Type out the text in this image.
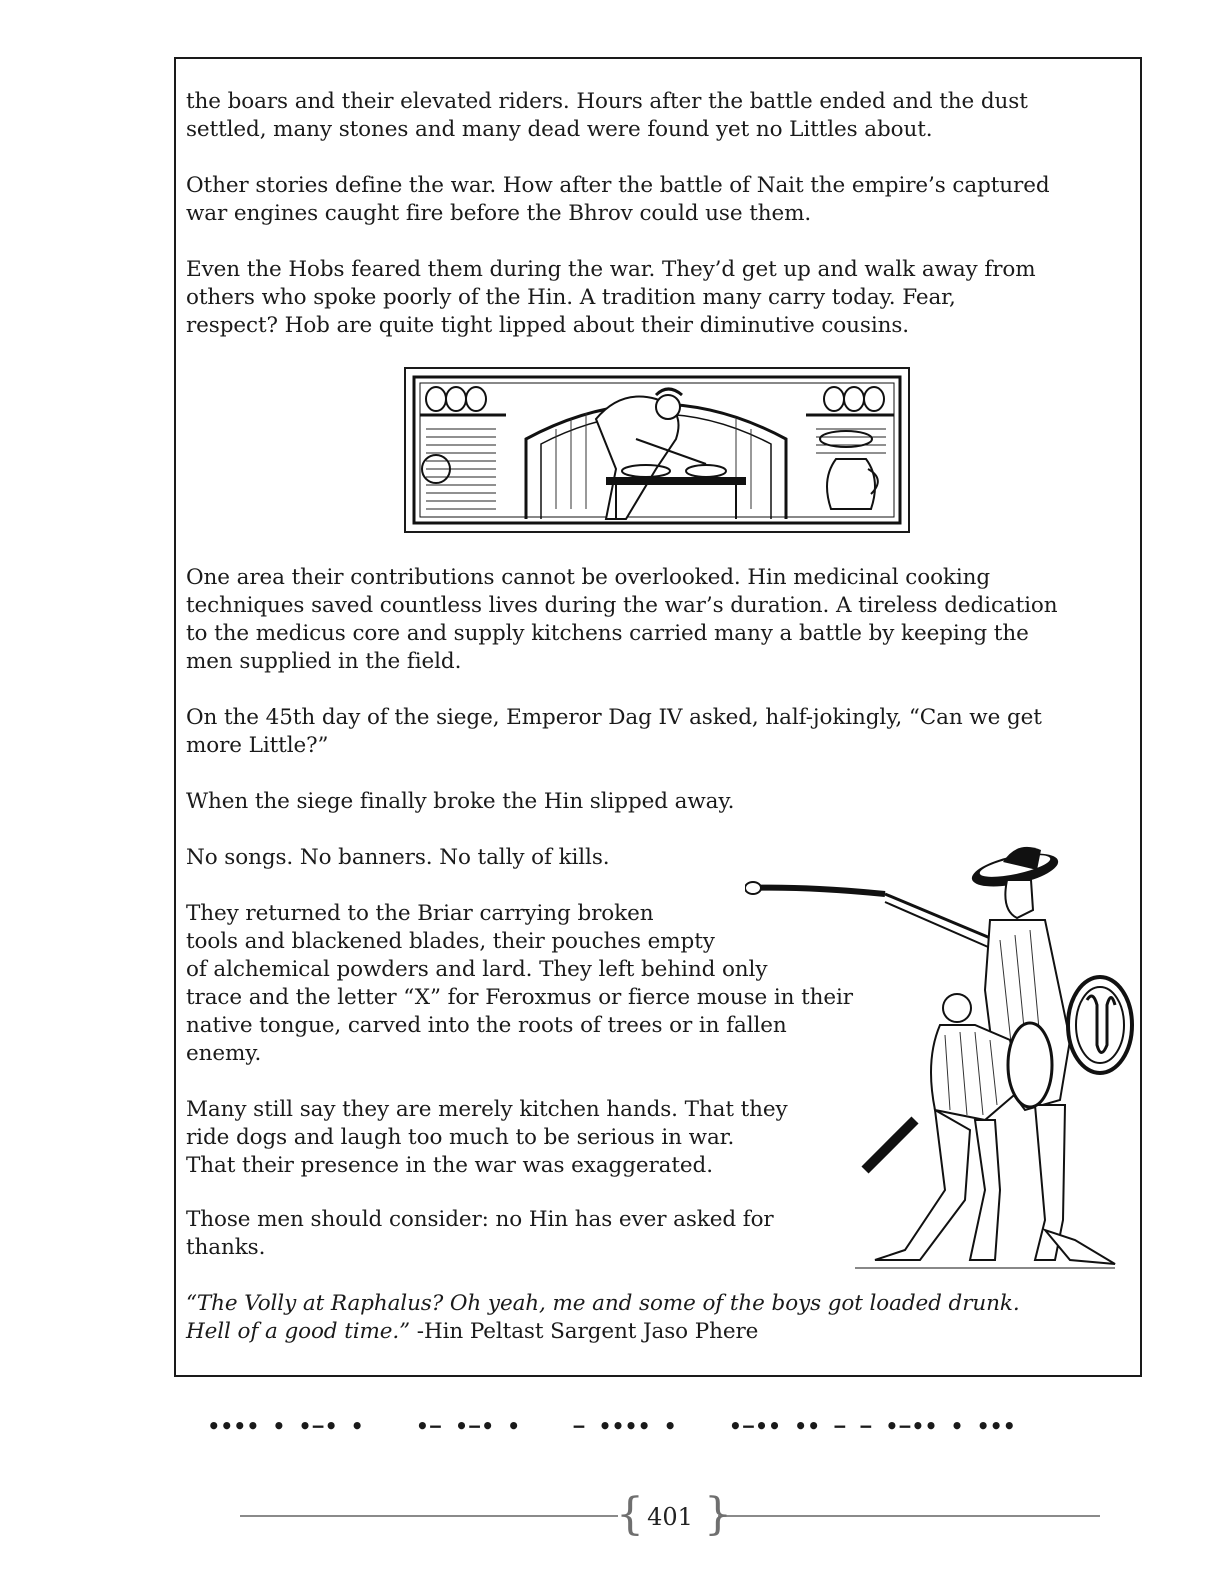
the boars and their elevated riders. Hours after the battle ended and the dust
settled, many stones and many dead were found yet no Littles about.

Other stories define the war. How after the battle of Nait the empire’s captured
war engines caught fire before the Bhrov could use them.

Even the Hobs feared them during the war. They’d get up and walk away from
others who spoke poorly of the Hin. A tradition many carry today. Fear,
respect? Hob are quite tight lipped about their diminutive cousins.

One area their contributions cannot be overlooked. Hin medicinal cooking
techniques saved countless lives during the war’s duration. A tireless dedication
to the medicus core and supply kitchens carried many a battle by keeping the
men supplied in the field.

On the 45th day of the siege, Emperor Dag IV asked, half-jokingly, “Can we get
more Little?”

When the siege finally broke the Hin slipped away.

No songs. No banners. No tally of kills.

They returned to the Briar carrying broken
tools and blackened blades, their pouches empty
of alchemical powders and lard. They left behind only
trace and the letter “X” for Feroxmus or fierce mouse in their
native tongue, carved into the roots of trees or in fallen
enemy.

Many still say they are merely kitchen hands. That they
ride dogs and laugh too much to be serious in war.
That their presence in the war was exaggerated.

Those men should consider: no Hin has ever asked for
thanks.

“The Volly at Raphalus? Oh yeah, me and some of the boys got loaded drunk.
Hell of a good time.” -Hin Peltast Sargent Jaso Phere

•••• • •−• •    •− •−• •    − •••• •    •−•• •• − − •−•• • •••
{ }
401
